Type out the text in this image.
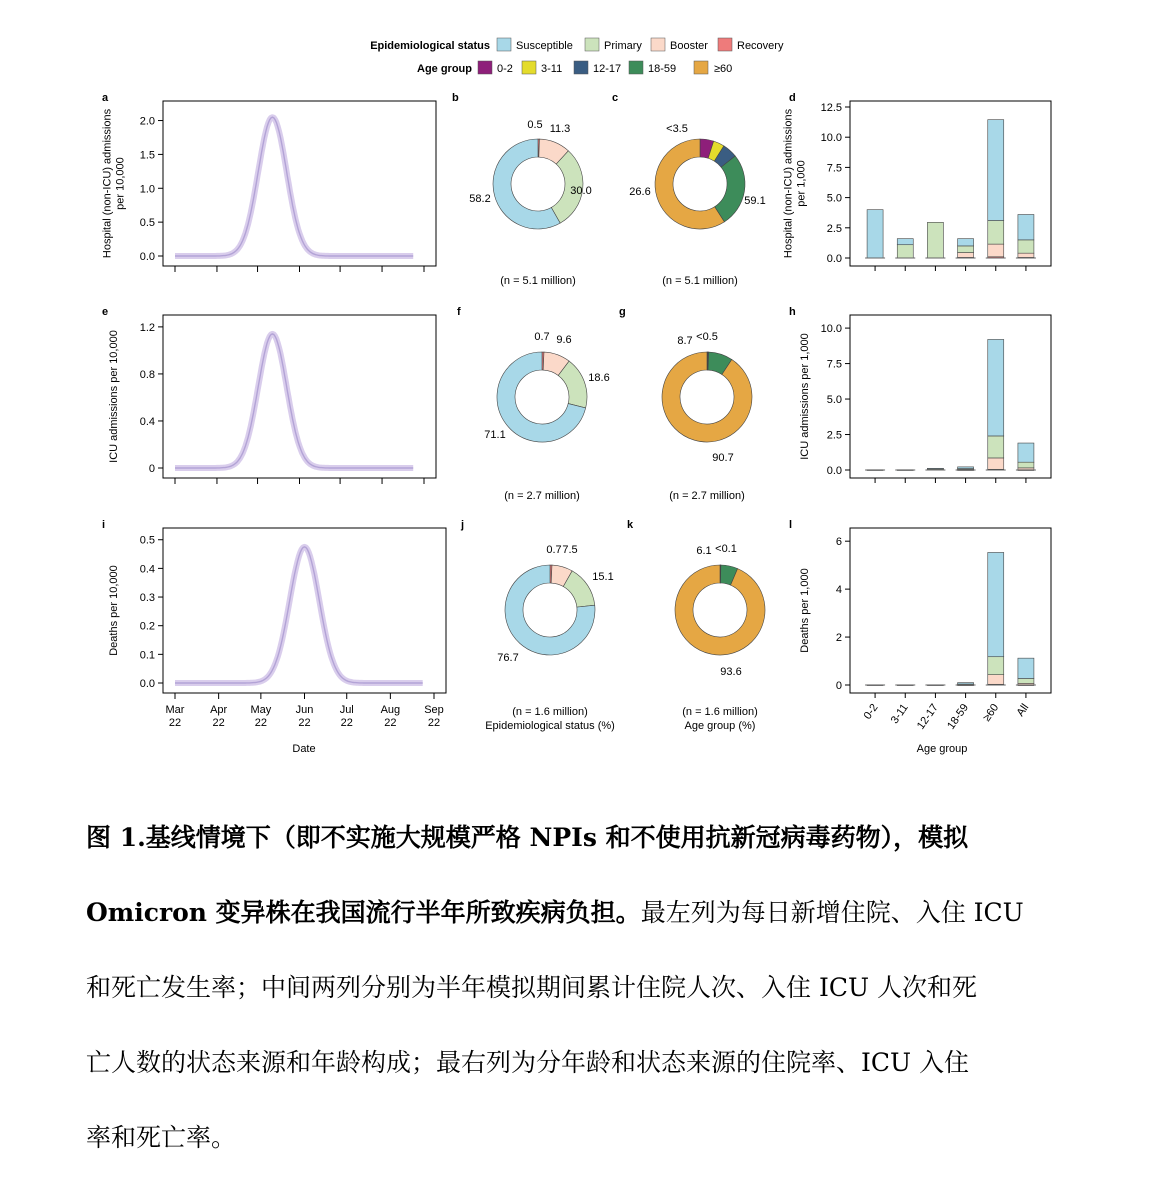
Epidemiological status Susceptible	Primary	Booster	Recovery
Age group 0-2	3-11	12-17 18-59	≥60
a	b	c	d
e	f	g	h
i	j	k	l
0.0
0.5
1.0
1.5
2.0
Hospital (non-ICU) admissions per 10,000
0
0.4
0.8
1.2
ICU admissions per 10,000
0.0
0.1
0.2
0.3
0.4
0.5
Mar
22
Apr
22
May
22
Jun
22
Jul
22
Aug
22
Sep
22
Deaths per 10,000
Date
58.2
30.0
11.3
0.5
(n = 5.1 million)
59.1
26.6
<3.5
(n = 5.1 million)
71.1
18.6
9.6
0.7
(n = 2.7 million)
90.7
8.7 <0.5
(n = 2.7 million)
76.7
15.1
7.5
0.7
(n = 1.6 million)
Epidemiological status (%)
93.6
6.1 <0.1
(n = 1.6 million)
Age group (%)
0.0
2.5
5.0
7.5
10.0
12.5
Hospital (non-ICU) admissions per 1,000
0.0
2.5
5.0
7.5
10.0
ICU admissions per 1,000
0
2
4
6
0-2 3-11 12-17 18-59 ≥60 All
Deaths per 1,000
Age group

图 1.基线情境下（即不实施大规模严格 NPIs 和不使用抗新冠病毒药物），模拟

Omicron 变异株在我国流行半年所致疾病负担。最左列为每日新增住院、入住 ICU

和死亡发生率；中间两列分别为半年模拟期间累计住院人次、入住 ICU 人次和死

亡人数的状态来源和年龄构成；最右列为分年龄和状态来源的住院率、ICU 入住

率和死亡率。
